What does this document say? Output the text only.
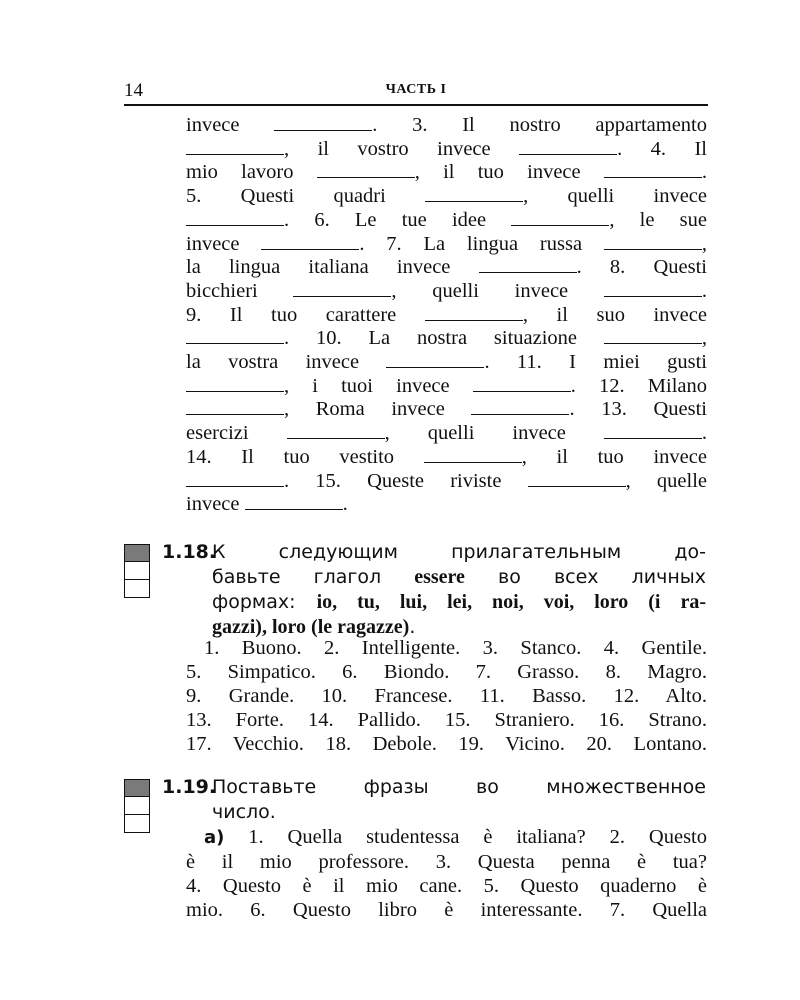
14	ЧАСТЬ I
invece	. 3. Il nostro appartamento
, il vostro invece	. 4. Il
mio lavoro	, il tuo invece	.
5. Questi quadri	, quelli invece
. 6. Le tue idee	, le sue
invece	. 7. La lingua russa	,
la lingua italiana invece	. 8. Questi
bicchieri	, quelli invece	.
9. Il tuo carattere	, il suo invece
. 10. La nostra situazione	,
la vostra invece	. 11. I miei gusti
, i tuoi invece	. 12. Milano
, Roma invece	. 13. Questi
esercizi	, quelli invece	.
14. Il tuo vestito	, il tuo invece
. 15. Queste riviste	, quelle
invece	.
1.18.
К следующим прилагательным до-
бавьте глагол essere во всех личных
формах: io, tu, lui, lei, noi, voi, loro (i ra-
gazzi), loro (le ragazze).
1. Buono. 2. Intelligente. 3. Stanco. 4. Gentile.
5. Simpatico. 6. Biondo. 7. Grasso. 8. Magro.
9. Grande. 10. Francese. 11. Basso. 12. Alto.
13. Forte. 14. Pallido. 15. Straniero. 16. Strano.
17. Vecchio. 18. Debole. 19. Vicino. 20. Lontano.
1.19.
Поставьте фразы во множественное
число.
а) 1. Quella studentessa è italiana? 2. Questo
è il mio professore. 3. Questa penna è tua?
4. Questo è il mio cane. 5. Questo quaderno è
mio. 6. Questo libro è interessante. 7. Quella
